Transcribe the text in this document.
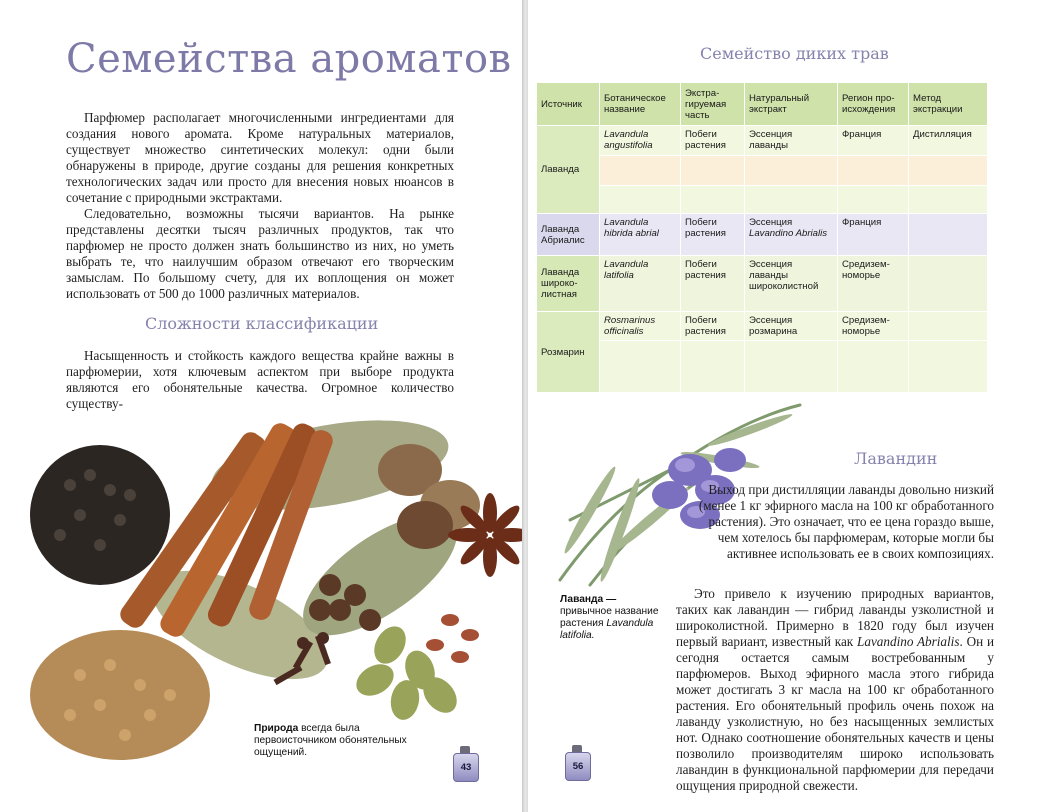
Семейства ароматов

Парфюмер располагает многочисленными ингредиентами для создания нового аромата. Кроме натуральных материалов, существует множество синтетических молекул: одни были обнаружены в природе, другие созданы для решения конкретных технологических задач или просто для внесения новых нюансов в сочетание с природными экстрактами.

Следовательно, возможны тысячи вариантов. На рынке представлены десятки тысяч различных продуктов, так что парфюмер не просто должен знать большинство из них, но уметь выбрать те, что наилучшим образом отвечают его творческим замыслам. По большому счету, для их воплощения он может использовать от 500 до 1000 различных материалов.

Сложности классификации

Насыщенность и стойкость каждого вещества крайне важны в парфюмерии, хотя ключевым аспектом при выборе продукта являются его обонятельные качества. Огромное количество существу-

Природа всегда была первоисточником обонятельных ощущений.
43
Семейство диких трав
Источник	Ботаническое название	Экстра-гируемая часть	Натуральный экстракт	Регион про-исхождения	Метод экстракции
Лаванда	Lavandula angustifolia	Побеги растения	Эссенция лаванды	Франция	Дистилляция

Лаванда Абриалис	Lavandula hibrida abrial	Побеги растения	Эссенция Lavandino Abrialis	Франция	
Лаванда широко-листная	Lavandula latifolia	Побеги растения	Эссенция лаванды широколистной	Средизем-номорье	
Розмарин	Rosmarinus officinalis	Побеги растения	Эссенция розмарина	Средизем-номорье	

Лавандин

Выход при дистилляции лаванды довольно низкий (менее 1 кг эфирного масла на 100 кг обработанного растения). Это означает, что ее цена гораздо выше, чем хотелось бы парфюмерам, которые могли бы активнее использовать ее в своих композициях.

Это привело к изучению природных вариантов, таких как лавандин — гибрид лаванды узколистной и широколистной. Примерно в 1820 году был изучен первый вариант, известный как Lavandino Abrialis. Он и сегодня остается самым востребованным у парфюмеров. Выход эфирного масла этого гибрида может достигать 3 кг масла на 100 кг обработанного растения. Его обонятельный профиль очень похож на лаванду узколистную, но без насыщенных землистых нот. Однако соотношение обонятельных качеств и цены позволило производителям широко использовать лавандин в функциональной парфюмерии для передачи ощущения природной свежести.

Лаванда —
привычное название растения Lavandula latifolia.
56
